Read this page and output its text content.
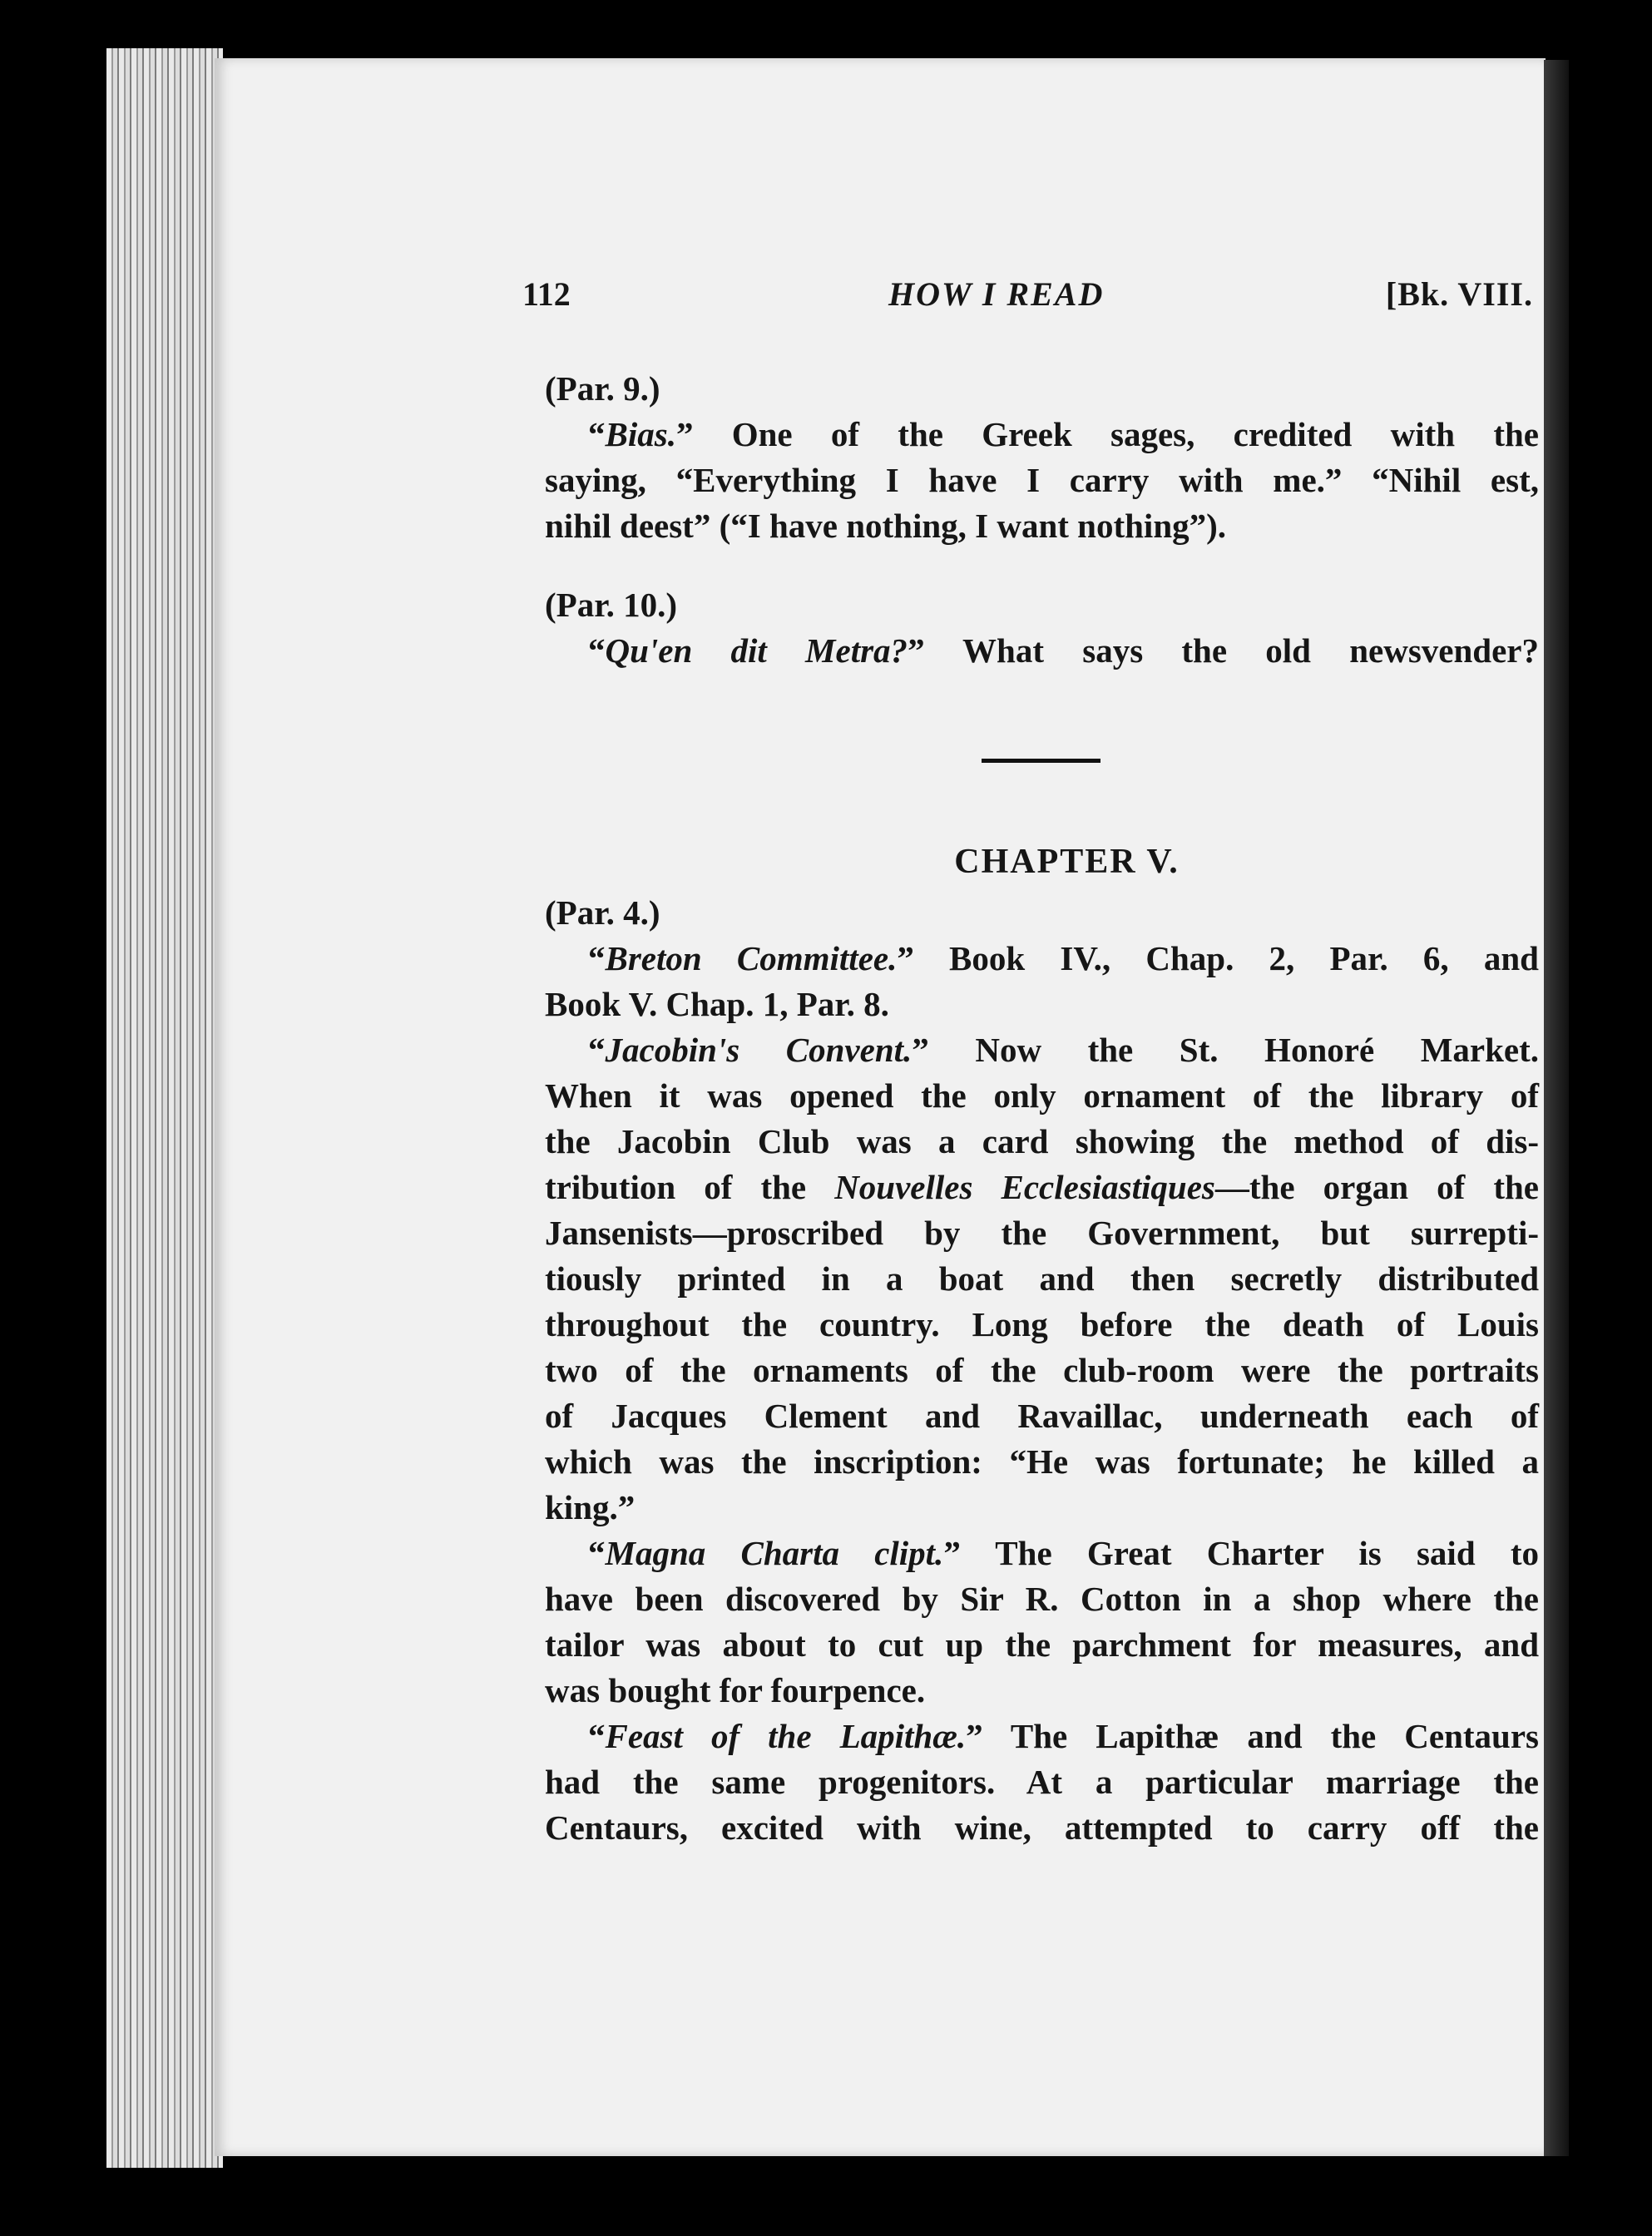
112	HOW I READ	[Bk. VIII.
(Par. 9.)
“Bias.” One of the Greek sages, credited with the
saying, “Everything I have I carry with me.” “Nihil est,
nihil deest” (“I have nothing, I want nothing”).
(Par. 10.)
“Qu'en dit Metra?” What says the old newsvender?
CHAPTER V.
(Par. 4.)
“Breton Committee.” Book IV., Chap. 2, Par. 6, and
Book V. Chap. 1, Par. 8.
“Jacobin's Convent.” Now the St. Honoré Market.
When it was opened the only ornament of the library of
the Jacobin Club was a card showing the method of dis-
tribution of the Nouvelles Ecclesiastiques—the organ of the
Jansenists—proscribed by the Government, but surrepti-
tiously printed in a boat and then secretly distributed
throughout the country. Long before the death of Louis
two of the ornaments of the club-room were the portraits
of Jacques Clement and Ravaillac, underneath each of
which was the inscription: “He was fortunate; he killed a
king.”
“Magna Charta clipt.” The Great Charter is said to
have been discovered by Sir R. Cotton in a shop where the
tailor was about to cut up the parchment for measures, and
was bought for fourpence.
“Feast of the Lapithæ.” The Lapithæ and the Centaurs
had the same progenitors. At a particular marriage the
Centaurs, excited with wine, attempted to carry off the
